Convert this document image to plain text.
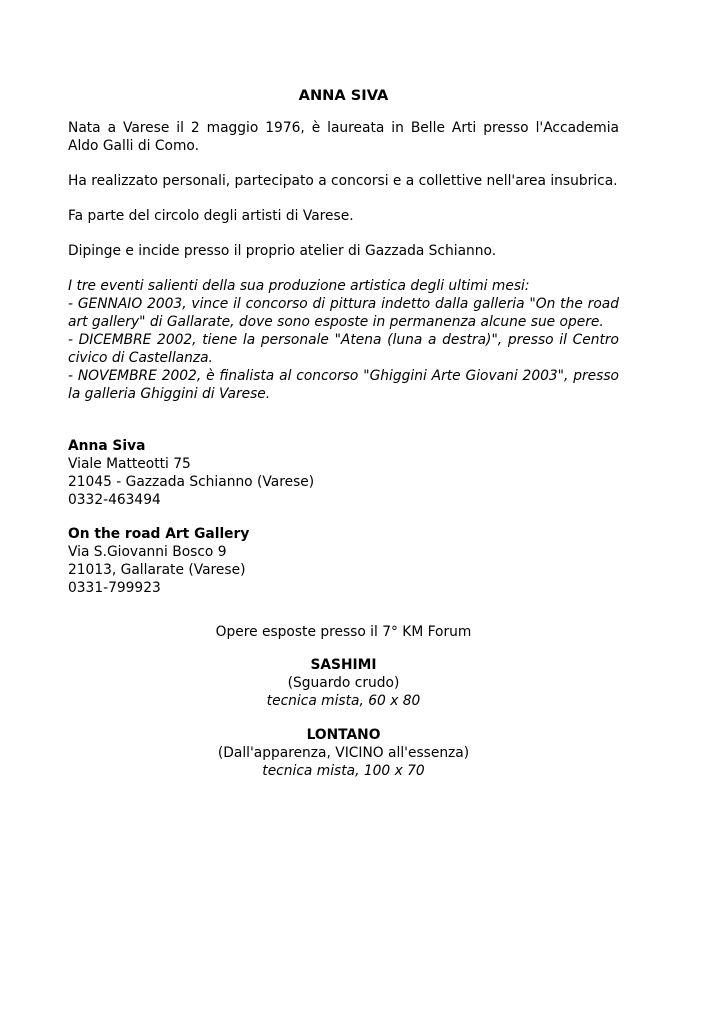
ANNA SIVA

Nata a Varese il 2 maggio 1976, è laureata in Belle Arti presso l'Accademia Aldo Galli di Como.

Ha realizzato personali, partecipato a concorsi e a collettive nell'area insubrica.

Fa parte del circolo degli artisti di Varese.

Dipinge e incide presso il proprio atelier di Gazzada Schianno.

I tre eventi salienti della sua produzione artistica degli ultimi mesi:
- GENNAIO 2003, vince il concorso di pittura indetto dalla galleria "On the road art gallery" di Gallarate, dove sono esposte in permanenza alcune sue opere.
- DICEMBRE 2002, tiene la personale "Atena (luna a destra)", presso il Centro civico di Castellanza.
- NOVEMBRE 2002, è finalista al concorso "Ghiggini Arte Giovani 2003", presso la galleria Ghiggini di Varese.
Anna Siva
Viale Matteotti 75
21045 - Gazzada Schianno (Varese)
0332-463494
On the road Art Gallery
Via S.Giovanni Bosco 9
21013, Gallarate (Varese)
0331-799923
Opere esposte presso il 7° KM Forum
SASHIMI
(Sguardo crudo)
tecnica mista, 60 x 80
LONTANO
(Dall'apparenza, VICINO all'essenza)
tecnica mista, 100 x 70
